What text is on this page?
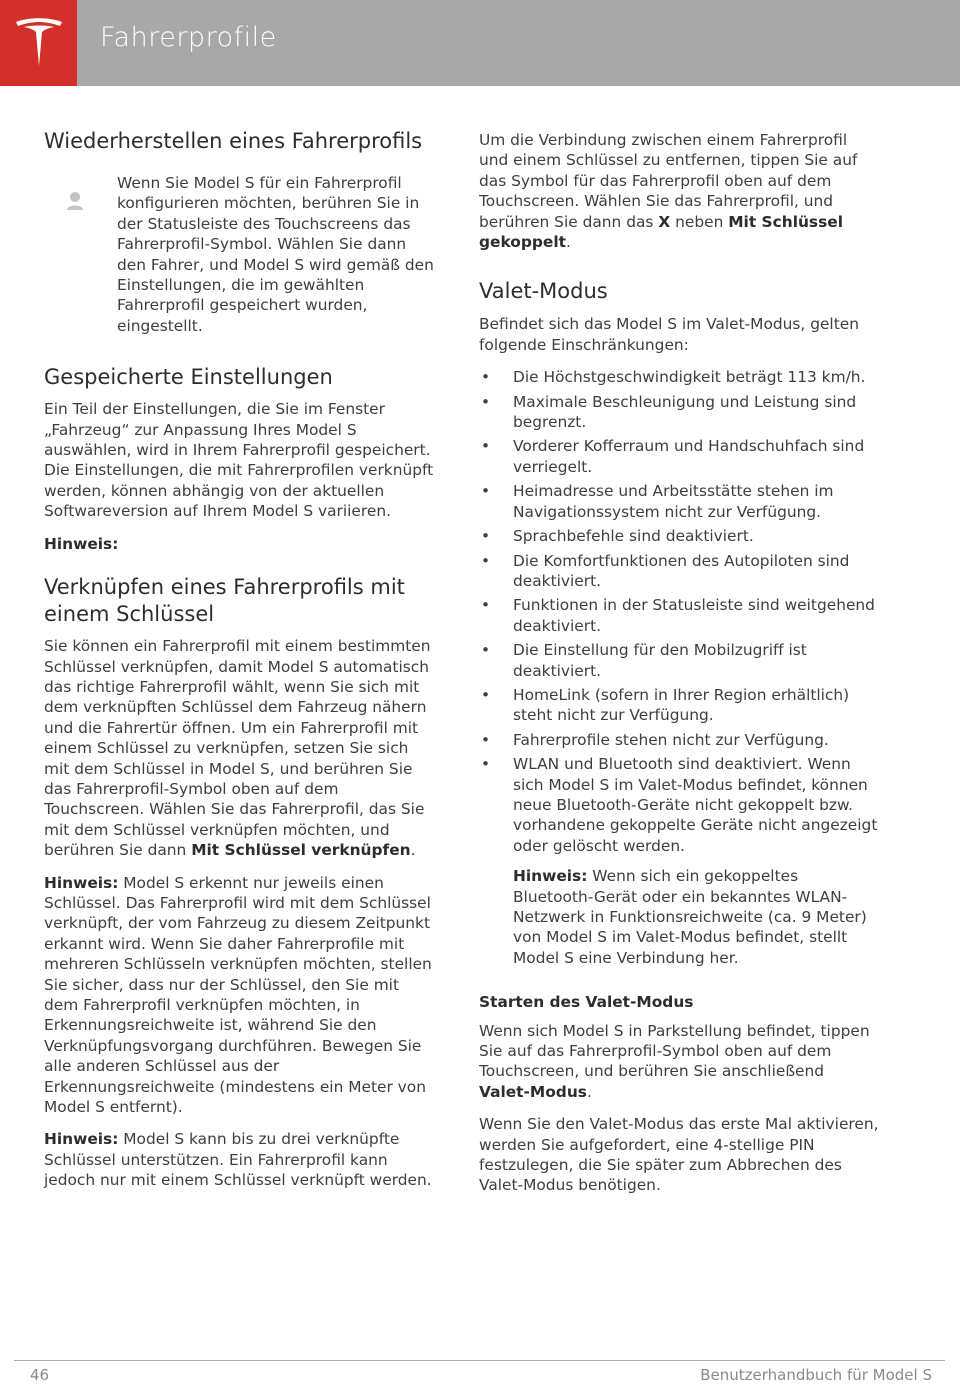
Fahrerprofile
Wiederherstellen eines Fahrerprofils

Wenn Sie Model S für ein Fahrerprofil konfigurieren möchten, berühren Sie in der Statusleiste des Touchscreens das Fahrerprofil-Symbol. Wählen Sie dann den Fahrer, und Model S wird gemäß den Einstellungen, die im gewählten Fahrerprofil gespeichert wurden, eingestellt.

Gespeicherte Einstellungen

Ein Teil der Einstellungen, die Sie im Fenster „Fahrzeug“ zur Anpassung Ihres Model S auswählen, wird in Ihrem Fahrerprofil gespeichert. Die Einstellungen, die mit Fahrerprofilen verknüpft werden, können abhängig von der aktuellen Softwareversion auf Ihrem Model S variieren.

Hinweis:

Verknüpfen eines Fahrerprofils mit einem Schlüssel

Sie können ein Fahrerprofil mit einem bestimmten Schlüssel verknüpfen, damit Model S automatisch das richtige Fahrerprofil wählt, wenn Sie sich mit dem verknüpften Schlüssel dem Fahrzeug nähern und die Fahrertür öffnen. Um ein Fahrerprofil mit einem Schlüssel zu verknüpfen, setzen Sie sich mit dem Schlüssel in Model S, und berühren Sie das Fahrerprofil-Symbol oben auf dem Touchscreen. Wählen Sie das Fahrerprofil, das Sie mit dem Schlüssel verknüpfen möchten, und berühren Sie dann Mit Schlüssel verknüpfen.

Hinweis: Model S erkennt nur jeweils einen Schlüssel. Das Fahrerprofil wird mit dem Schlüssel verknüpft, der vom Fahrzeug zu diesem Zeitpunkt erkannt wird. Wenn Sie daher Fahrerprofile mit mehreren Schlüsseln verknüpfen möchten, stellen Sie sicher, dass nur der Schlüssel, den Sie mit dem Fahrerprofil verknüpfen möchten, in Erkennungsreichweite ist, während Sie den Verknüpfungsvorgang durchführen. Bewegen Sie alle anderen Schlüssel aus der Erkennungsreichweite (mindestens ein Meter von Model S entfernt).

Hinweis: Model S kann bis zu drei verknüpfte Schlüssel unterstützen. Ein Fahrerprofil kann jedoch nur mit einem Schlüssel verknüpft werden.

Um die Verbindung zwischen einem Fahrerprofil und einem Schlüssel zu entfernen, tippen Sie auf das Symbol für das Fahrerprofil oben auf dem Touchscreen. Wählen Sie das Fahrerprofil, und berühren Sie dann das X neben Mit Schlüssel gekoppelt.

Valet-Modus

Befindet sich das Model S im Valet-Modus, gelten folgende Einschränkungen:

• Die Höchstgeschwindigkeit beträgt 113 km/h.
• Maximale Beschleunigung und Leistung sind begrenzt.
• Vorderer Kofferraum und Handschuhfach sind verriegelt.
• Heimadresse und Arbeitsstätte stehen im Navigationssystem nicht zur Verfügung.
• Sprachbefehle sind deaktiviert.
• Die Komfortfunktionen des Autopiloten sind deaktiviert.
• Funktionen in der Statusleiste sind weitgehend deaktiviert.
• Die Einstellung für den Mobilzugriff ist deaktiviert.
• HomeLink (sofern in Ihrer Region erhältlich) steht nicht zur Verfügung.
• Fahrerprofile stehen nicht zur Verfügung.
• WLAN und Bluetooth sind deaktiviert. Wenn sich Model S im Valet-Modus befindet, können neue Bluetooth-Geräte nicht gekoppelt bzw. vorhandene gekoppelte Geräte nicht angezeigt oder gelöscht werden.

Hinweis: Wenn sich ein gekoppeltes Bluetooth-Gerät oder ein bekanntes WLAN-Netzwerk in Funktionsreichweite (ca. 9 Meter) von Model S im Valet-Modus befindet, stellt Model S eine Verbindung her.

Starten des Valet-Modus

Wenn sich Model S in Parkstellung befindet, tippen Sie auf das Fahrerprofil-Symbol oben auf dem Touchscreen, und berühren Sie anschließend Valet-Modus.

Wenn Sie den Valet-Modus das erste Mal aktivieren, werden Sie aufgefordert, eine 4-stellige PIN festzulegen, die Sie später zum Abbrechen des Valet-Modus benötigen.

46	Benutzerhandbuch für Model S
